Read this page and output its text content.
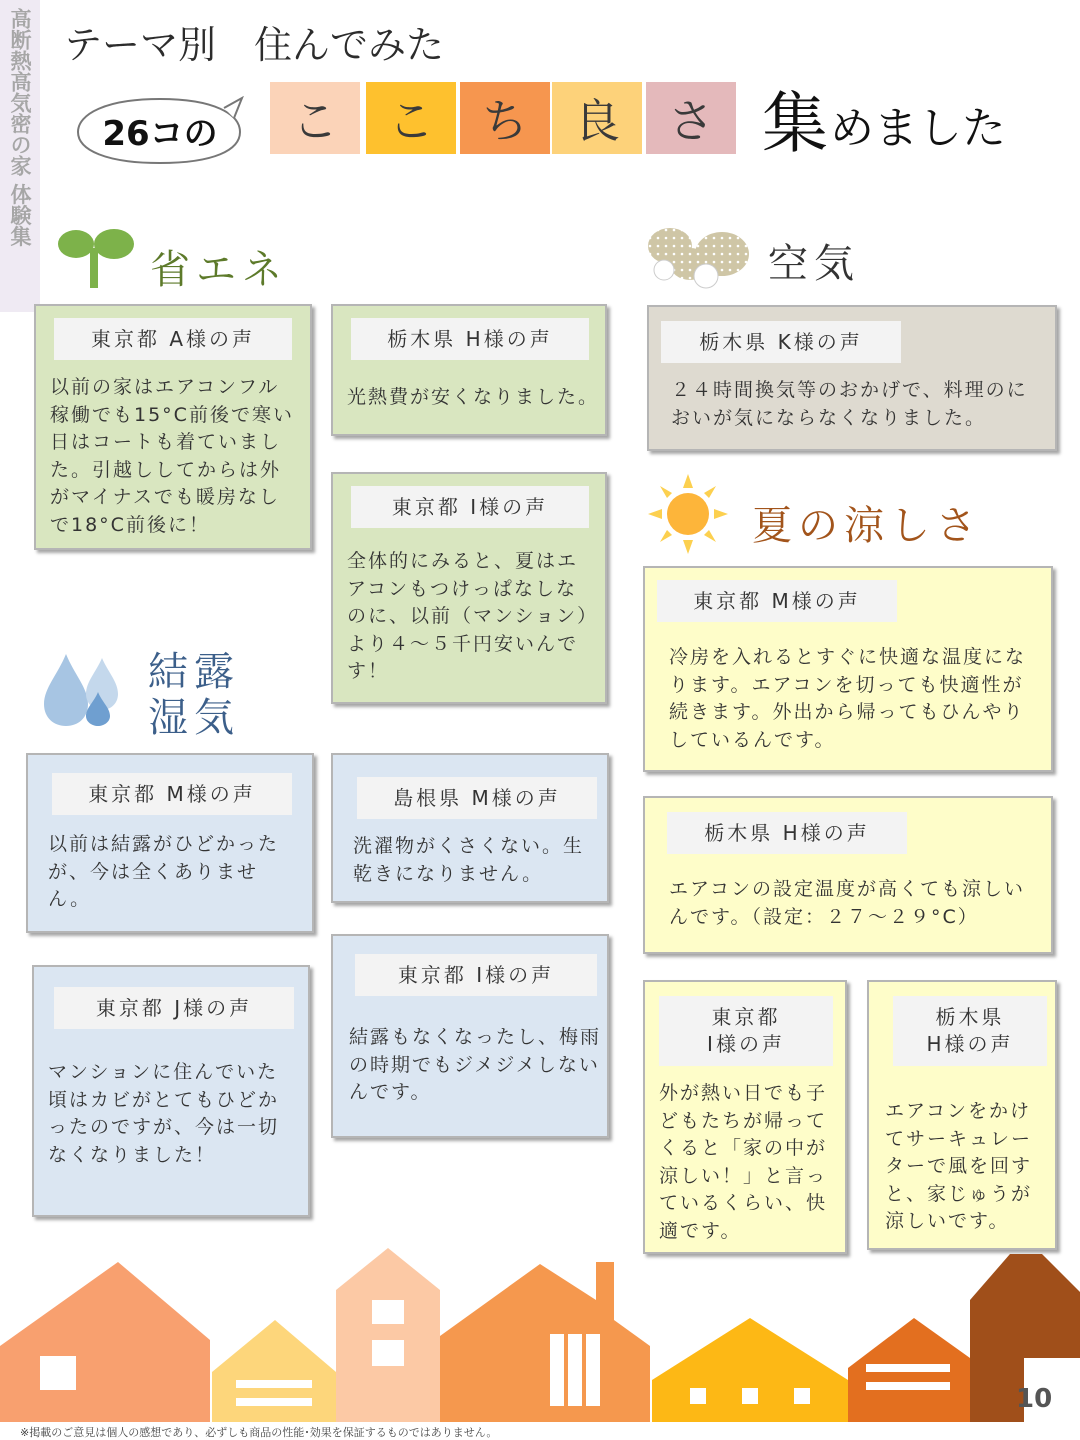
高断熱高気密の家 体験集 テーマ別　住んでみた
26コの	こ	こ	ち	良	さ 集 めました
省エネ	空気
夏の涼しさ
結露
湿気
東京都 A様の声
以前の家はエアコンフル稼働でも15°C前後で寒い日はコートも着ていました。引越ししてからは外がマイナスでも暖房なしで18°C前後に！
栃木県 H様の声
光熱費が安くなりました。
東京都 I様の声
全体的にみると、夏はエアコンもつけっぱなしなのに、以前（マンション）より４～５千円安いんです！
栃木県 K様の声
２４時間換気等のおかげで、料理のにおいが気にならなくなりました。
東京都 M様の声
冷房を入れるとすぐに快適な温度になります。エアコンを切っても快適性が続きます。外出から帰ってもひんやりしているんです。
栃木県 H様の声
エアコンの設定温度が高くても涼しいんです。（設定：２７～２９°C）
東京都 M様の声
以前は結露がひどかったが、今は全くありません。
島根県 M様の声
洗濯物がくさくない。生乾きになりません。
東京都 J様の声
マンションに住んでいた頃はカビがとてもひどかったのですが、今は一切なくなりました！
東京都 I様の声
結露もなくなったし、梅雨の時期でもジメジメしないんです。
東京都
I様の声
外が熱い日でも子どもたちが帰ってくると「家の中が涼しい！」と言っているくらい、快適です。
栃木県
H様の声
エアコンをかけてサーキュレーターで風を回すと、家じゅうが涼しいです。
10
※掲載のご意見は個人の感想であり、必ずしも商品の性能･効果を保証するものではありません。
